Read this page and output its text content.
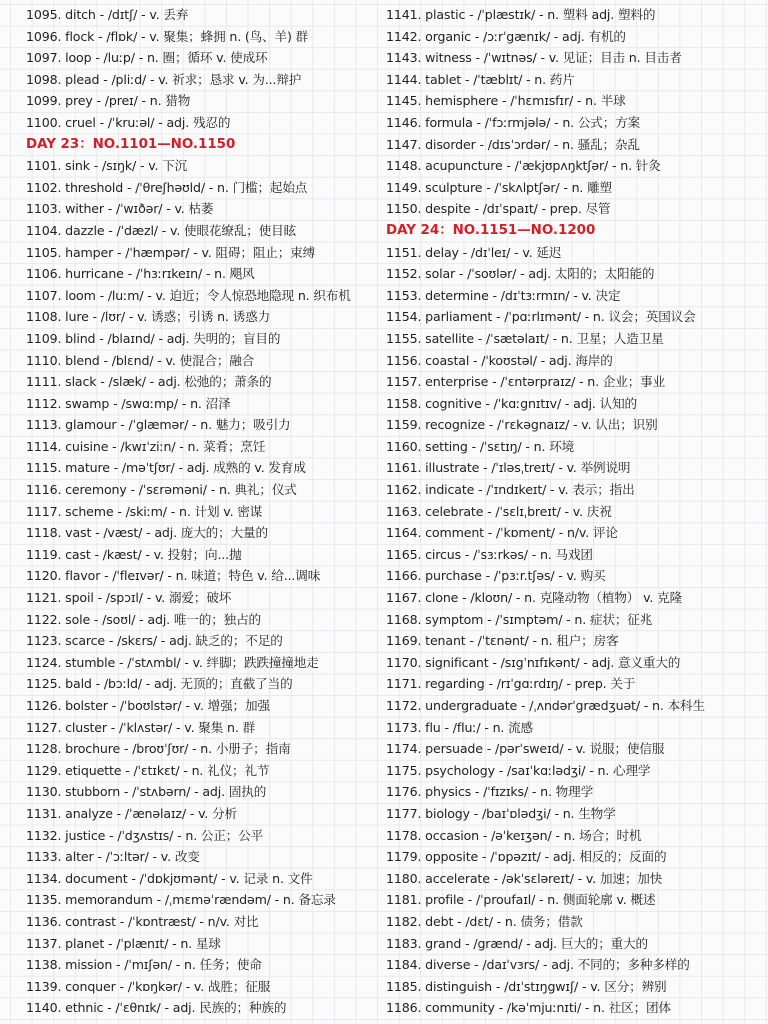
1095. ditch - /dɪtʃ/ - v. 丢弃
1096. flock - /flɒk/ - v. 聚集；蜂拥 n. (鸟、羊) 群
1097. loop - /luːp/ - n. 圈；循环 v. 使成环
1098. plead - /pliːd/ - v. 祈求；恳求 v. 为...辩护
1099. prey - /preɪ/ - n. 猎物
1100. cruel - /ˈkruːəl/ - adj. 残忍的
DAY 23：NO.1101—NO.1150
1101. sink - /sɪŋk/ - v. 下沉
1102. threshold - /ˈθreʃhəʊld/ - n. 门槛；起始点
1103. wither - /ˈwɪðər/ - v. 枯萎
1104. dazzle - /ˈdæzl/ - v. 使眼花缭乱；使目眩
1105. hamper - /ˈhæmpər/ - v. 阻碍；阻止；束缚
1106. hurricane - /ˈhɜːrɪkeɪn/ - n. 飓风
1107. loom - /luːm/ - v. 迫近；令人惊恐地隐现 n. 织布机
1108. lure - /lʊr/ - v. 诱惑；引诱 n. 诱惑力
1109. blind - /blaɪnd/ - adj. 失明的；盲目的
1110. blend - /blɛnd/ - v. 使混合；融合
1111. slack - /slæk/ - adj. 松弛的；萧条的
1112. swamp - /swɑːmp/ - n. 沼泽
1113. glamour - /ˈglæmər/ - n. 魅力；吸引力
1114. cuisine - /kwɪˈziːn/ - n. 菜肴；烹饪
1115. mature - /məˈtʃʊr/ - adj. 成熟的 v. 发育成
1116. ceremony - /ˈsɛrəməni/ - n. 典礼；仪式
1117. scheme - /skiːm/ - n. 计划 v. 密谋
1118. vast - /væst/ - adj. 庞大的；大量的
1119. cast - /kæst/ - v. 投射；向...抛
1120. flavor - /ˈfleɪvər/ - n. 味道；特色 v. 给...调味
1121. spoil - /spɔɪl/ - v. 溺爱；破坏
1122. sole - /soʊl/ - adj. 唯一的；独占的
1123. scarce - /skɛrs/ - adj. 缺乏的；不足的
1124. stumble - /ˈstʌmbl/ - v. 绊脚；跌跌撞撞地走
1125. bald - /bɔːld/ - adj. 无顶的；直截了当的
1126. bolster - /ˈboʊlstər/ - v. 增强；加强
1127. cluster - /ˈklʌstər/ - v. 聚集 n. 群
1128. brochure - /broʊˈʃʊr/ - n. 小册子；指南
1129. etiquette - /ˈɛtɪkɛt/ - n. 礼仪；礼节
1130. stubborn - /ˈstʌbərn/ - adj. 固执的
1131. analyze - /ˈænəlaɪz/ - v. 分析
1132. justice - /ˈdʒʌstɪs/ - n. 公正；公平
1133. alter - /ˈɔːltər/ - v. 改变
1134. document - /ˈdɒkjʊmənt/ - v. 记录 n. 文件
1135. memorandum - /ˌmɛməˈrændəm/ - n. 备忘录
1136. contrast - /ˈkɒntræst/ - n/v. 对比
1137. planet - /ˈplænɪt/ - n. 星球
1138. mission - /ˈmɪʃən/ - n. 任务；使命
1139. conquer - /ˈkɒŋkər/ - v. 战胜；征服
1140. ethnic - /ˈɛθnɪk/ - adj. 民族的；种族的
1141. plastic - /ˈplæstɪk/ - n. 塑料 adj. 塑料的
1142. organic - /ɔːrˈgænɪk/ - adj. 有机的
1143. witness - /ˈwɪtnəs/ - v. 见证；目击 n. 目击者
1144. tablet - /ˈtæblɪt/ - n. 药片
1145. hemisphere - /ˈhɛmɪsfɪr/ - n. 半球
1146. formula - /ˈfɔːrmjələ/ - n. 公式；方案
1147. disorder - /dɪsˈɔrdər/ - n. 骚乱；杂乱
1148. acupuncture - /ˈækjʊpʌŋktʃər/ - n. 针灸
1149. sculpture - /ˈskʌlptʃər/ - n. 雕塑
1150. despite - /dɪˈspaɪt/ - prep. 尽管
DAY 24：NO.1151—NO.1200
1151. delay - /dɪˈleɪ/ - v. 延迟
1152. solar - /ˈsoʊlər/ - adj. 太阳的；太阳能的
1153. determine - /dɪˈtɜːrmɪn/ - v. 决定
1154. parliament - /ˈpɑːrlɪmənt/ - n. 议会；英国议会
1155. satellite - /ˈsætəlaɪt/ - n. 卫星；人造卫星
1156. coastal - /ˈkoʊstəl/ - adj. 海岸的
1157. enterprise - /ˈɛntərpraɪz/ - n. 企业；事业
1158. cognitive - /ˈkɑːgnɪtɪv/ - adj. 认知的
1159. recognize - /ˈrɛkəgnaɪz/ - v. 认出；识别
1160. setting - /ˈsɛtɪŋ/ - n. 环境
1161. illustrate - /ˈɪləsˌtreɪt/ - v. 举例说明
1162. indicate - /ˈɪndɪkeɪt/ - v. 表示；指出
1163. celebrate - /ˈsɛlɪˌbreɪt/ - v. 庆祝
1164. comment - /ˈkɒment/ - n/v. 评论
1165. circus - /ˈsɜːrkəs/ - n. 马戏团
1166. purchase - /ˈpɜːr.tʃəs/ - v. 购买
1167. clone - /kloʊn/ - n. 克隆动物（植物） v. 克隆
1168. symptom - /ˈsɪmptəm/ - n. 症状；征兆
1169. tenant - /ˈtɛnənt/ - n. 租户；房客
1170. significant - /sɪgˈnɪfɪkənt/ - adj. 意义重大的
1171. regarding - /rɪˈgɑːrdɪŋ/ - prep. 关于
1172. undergraduate - /ˌʌndərˈgrædʒuət/ - n. 本科生
1173. flu - /fluː/ - n. 流感
1174. persuade - /pərˈsweɪd/ - v. 说服；使信服
1175. psychology - /saɪˈkɑːlədʒi/ - n. 心理学
1176. physics - /ˈfɪzɪks/ - n. 物理学
1177. biology - /baɪˈɒlədʒi/ - n. 生物学
1178. occasion - /əˈkeɪʒən/ - n. 场合；时机
1179. opposite - /ˈɒpəzɪt/ - adj. 相反的；反面的
1180. accelerate - /əkˈsɛləreɪt/ - v. 加速；加快
1181. profile - /ˈproufaɪl/ - n. 侧面轮廓 v. 概述
1182. debt - /dɛt/ - n. 债务；借款
1183. grand - /grænd/ - adj. 巨大的；重大的
1184. diverse - /daɪˈvɜrs/ - adj. 不同的；多种多样的
1185. distinguish - /dɪˈstɪŋgwɪʃ/ - v. 区分；辨别
1186. community - /kəˈmjuːnɪti/ - n. 社区；团体
